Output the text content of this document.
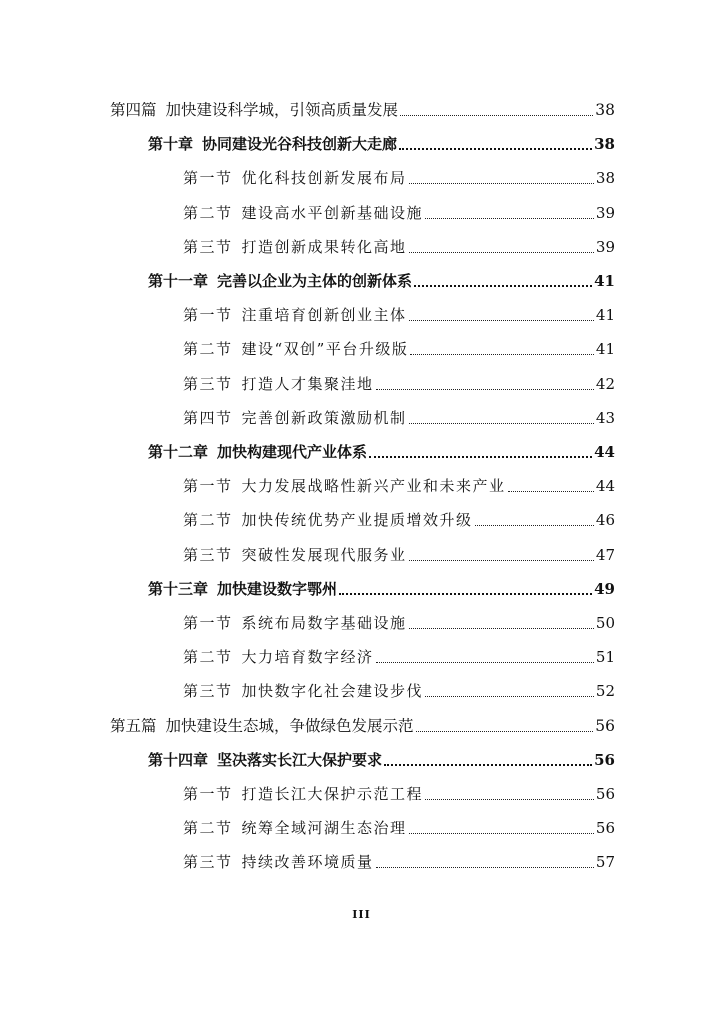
第四篇 加快建设科学城，引领高质量发展	38
第十章 协同建设光谷科技创新大走廊	38
第一节 优化科技创新发展布局	38
第二节 建设高水平创新基础设施	39
第三节 打造创新成果转化高地	39
第十一章 完善以企业为主体的创新体系	41
第一节 注重培育创新创业主体	41
第二节 建设“双创”平台升级版	41
第三节 打造人才集聚洼地	42
第四节 完善创新政策激励机制	43
第十二章 加快构建现代产业体系	44
第一节 大力发展战略性新兴产业和未来产业	44
第二节 加快传统优势产业提质增效升级	46
第三节 突破性发展现代服务业	47
第十三章 加快建设数字鄂州	49
第一节 系统布局数字基础设施	50
第二节 大力培育数字经济	51
第三节 加快数字化社会建设步伐	52
第五篇 加快建设生态城，争做绿色发展示范	56
第十四章 坚决落实长江大保护要求	56
第一节 打造长江大保护示范工程	56
第二节 统筹全域河湖生态治理	56
第三节 持续改善环境质量	57
III
